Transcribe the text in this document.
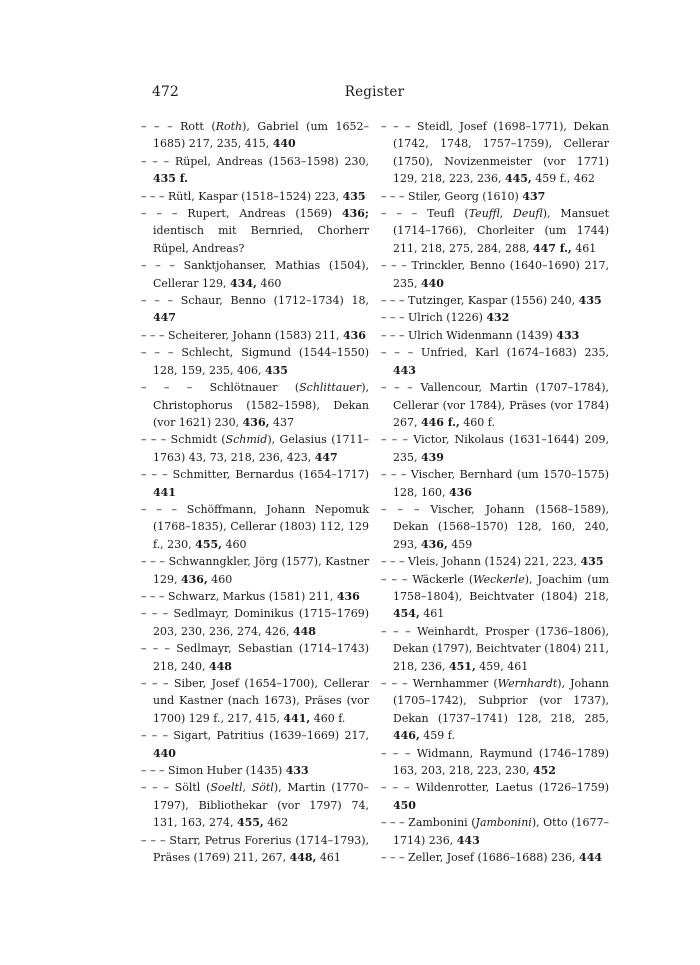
472	Register

– – – Rott (Roth), Gabriel (um 1652–1685) 217, 235, 415, 440

– – – Rüpel, Andreas (1563–1598) 230, 435 f.

– – – Rütl, Kaspar (1518–1524) 223, 435

– – – Rupert, Andreas (1569) 436; identisch mit Bernried, Chorherr Rüpel, Andreas?

– – – Sanktjohanser, Mathias (1504), Cellerar 129, 434, 460

– – – Schaur, Benno (1712–1734) 18, 447

– – – Scheiterer, Johann (1583) 211, 436

– – – Schlecht, Sigmund (1544–1550) 128, 159, 235, 406, 435

– – – Schlötnauer (Schlittauer), Christophorus (1582–1598), Dekan (vor 1621) 230, 436, 437

– – – Schmidt (Schmid), Gelasius (1711–1763) 43, 73, 218, 236, 423, 447

– – – Schmitter, Bernardus (1654–1717) 441

– – – Schöffmann, Johann Nepomuk (1768–1835), Cellerar (1803) 112, 129 f., 230, 455, 460

– – – Schwanngkler, Jörg (1577), Kastner 129, 436, 460

– – – Schwarz, Markus (1581) 211, 436

– – – Sedlmayr, Dominikus (1715–1769) 203, 230, 236, 274, 426, 448

– – – Sedlmayr, Sebastian (1714–1743) 218, 240, 448

– – – Siber, Josef (1654–1700), Cellerar und Kastner (nach 1673), Präses (vor 1700) 129 f., 217, 415, 441, 460 f.

– – – Sigart, Patritius (1639–1669) 217, 440

– – – Simon Huber (1435) 433

– – – Söltl (Soeltl, Sötl), Martin (1770–1797), Bibliothekar (vor 1797) 74, 131, 163, 274, 455, 462

– – – Starr, Petrus Forerius (1714–1793), Präses (1769) 211, 267, 448, 461

– – – Steidl, Josef (1698–1771), Dekan (1742, 1748, 1757–1759), Cellerar (1750), Novizenmeister (vor 1771) 129, 218, 223, 236, 445, 459 f., 462

– – – Stiler, Georg (1610) 437

– – – Teufl (Teuffl, Deufl), Mansuet (1714–1766), Chorleiter (um 1744) 211, 218, 275, 284, 288, 447 f., 461

– – – Trinckler, Benno (1640–1690) 217, 235, 440

– – – Tutzinger, Kaspar (1556) 240, 435

– – – Ulrich (1226) 432

– – – Ulrich Widenmann (1439) 433

– – – Unfried, Karl (1674–1683) 235, 443

– – – Vallencour, Martin (1707–1784), Cellerar (vor 1784), Präses (vor 1784) 267, 446 f., 460 f.

– – – Victor, Nikolaus (1631–1644) 209, 235, 439

– – – Vischer, Bernhard (um 1570–1575) 128, 160, 436

– – – Vischer, Johann (1568–1589), Dekan (1568–1570) 128, 160, 240, 293, 436, 459

– – – Vleis, Johann (1524) 221, 223, 435

– – – Wäckerle (Weckerle), Joachim (um 1758–1804), Beichtvater (1804) 218, 454, 461

– – – Weinhardt, Prosper (1736–1806), Dekan (1797), Beichtvater (1804) 211, 218, 236, 451, 459, 461

– – – Wernhammer (Wernhardt), Johann (1705–1742), Subprior (vor 1737), Dekan (1737–1741) 128, 218, 285, 446, 459 f.

– – – Widmann, Raymund (1746–1789) 163, 203, 218, 223, 230, 452

– – – Wildenrotter, Laetus (1726–1759) 450

– – – Zambonini (Jambonini), Otto (1677–1714) 236, 443

– – – Zeller, Josef (1686–1688) 236, 444
